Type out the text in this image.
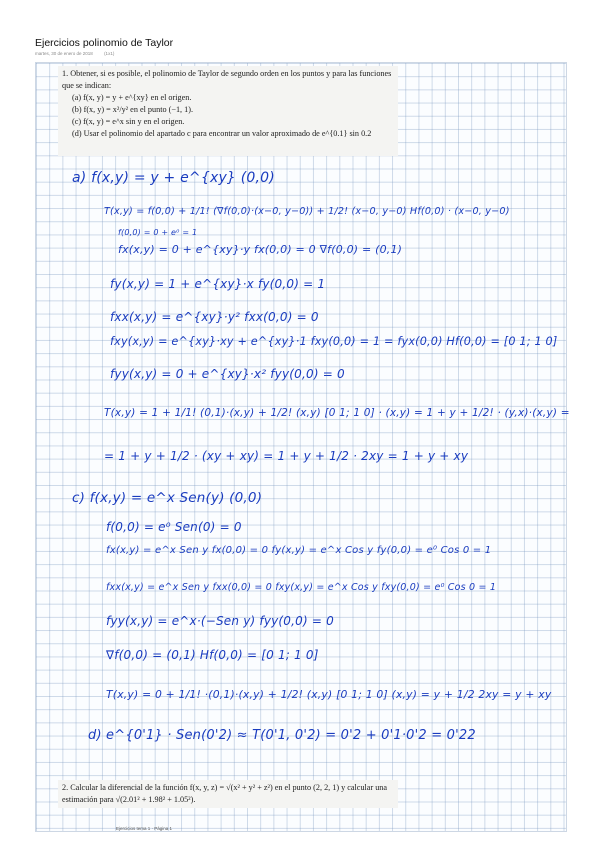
Ejercicios polinomio de Taylor
martes, 30 de enero de 2018	(1x1)
1. Obtener, si es posible, el polinomio de Taylor de segundo orden en los puntos y para las funciones que se indican:
(a) f(x, y) = y + e^{xy} en el origen.
(b) f(x, y) = x²/y² en el punto (−1, 1).
(c) f(x, y) = e^x sin y en el origen.
(d) Usar el polinomio del apartado c para encontrar un valor aproximado de e^{0.1} sin 0.2
a) f(x,y) = y + e^{xy} (0,0)
T(x,y) = f(0,0) + 1/1! (∇f(0,0)·(x−0, y−0)) + 1/2! (x−0, y−0) Hf(0,0) · (x−0, y−0)
f(0,0) = 0 + e⁰ = 1
fx(x,y) = 0 + e^{xy}·y fx(0,0) = 0 ∇f(0,0) = (0,1)
fy(x,y) = 1 + e^{xy}·x fy(0,0) = 1
fxx(x,y) = e^{xy}·y² fxx(0,0) = 0
fxy(x,y) = e^{xy}·xy + e^{xy}·1 fxy(0,0) = 1 = fyx(0,0) Hf(0,0) = [0 1; 1 0]
fyy(x,y) = 0 + e^{xy}·x² fyy(0,0) = 0
T(x,y) = 1 + 1/1! (0,1)·(x,y) + 1/2! (x,y) [0 1; 1 0] · (x,y) = 1 + y + 1/2! · (y,x)·(x,y) =
= 1 + y + 1/2 · (xy + xy) = 1 + y + 1/2 · 2xy = 1 + y + xy
c) f(x,y) = e^x Sen(y) (0,0)
f(0,0) = e⁰ Sen(0) = 0
fx(x,y) = e^x Sen y fx(0,0) = 0 fy(x,y) = e^x Cos y fy(0,0) = e⁰ Cos 0 = 1
fxx(x,y) = e^x Sen y fxx(0,0) = 0 fxy(x,y) = e^x Cos y fxy(0,0) = e⁰ Cos 0 = 1
fyy(x,y) = e^x·(−Sen y) fyy(0,0) = 0
∇f(0,0) = (0,1) Hf(0,0) = [0 1; 1 0]
T(x,y) = 0 + 1/1! ·(0,1)·(x,y) + 1/2! (x,y) [0 1; 1 0] (x,y) = y + 1/2 2xy = y + xy
d) e^{0'1} · Sen(0'2) ≈ T(0'1, 0'2) = 0'2 + 0'1·0'2 = 0'22
2. Calcular la diferencial de la función f(x, y, z) = √(x² + y² + z²) en el punto (2, 2, 1) y calcular una estimación para √(2.01² + 1.98² + 1.05²).
Ejercicios tema 1 · Página 1
